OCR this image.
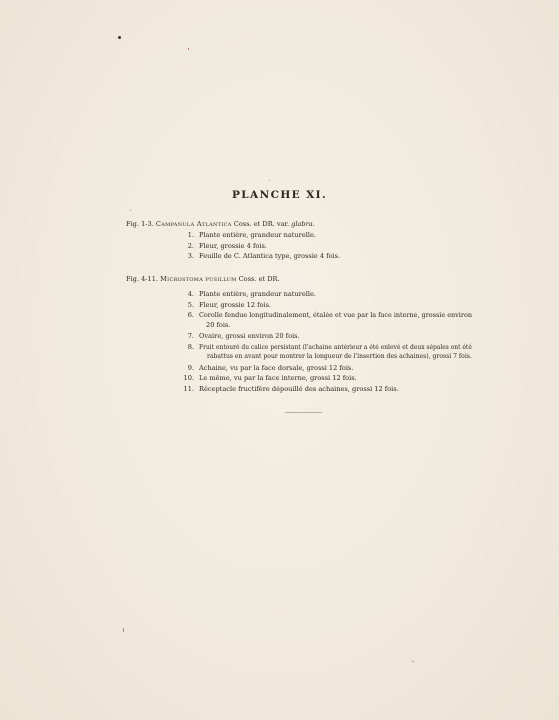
PLANCHE XI.
Fig. 1-3. Campanula Atlantica Coss. et DR. var. glabra.
1. Plante entière, grandeur naturelle.
2. Fleur, grossie 4 fois.
3. Feuille de C. Atlantica type, grossie 4 fois.
Fig. 4-11. Microstoma pusillum Coss. et DR.
4. Plante entière, grandeur naturelle.
5. Fleur, grossie 12 fois.
6. Corolle fendue longitudinalement, étalée et vue par la face interne, grossie environ
20 fois.
7. Ovaire, grossi environ 20 fois.
8. Fruit entouré du calice persistant (l'achaine antérieur a été enlevé et deux sépales ont été
rabattus en avant pour montrer la longueur de l'insertion des achaines), grossi 7 fois.
9. Achaine, vu par la face dorsale, grossi 12 fois.
10. Le même, vu par la face interne, grossi 12 fois.
11. Réceptacle fructifère dépouillé des achaines, grossi 12 fois.
